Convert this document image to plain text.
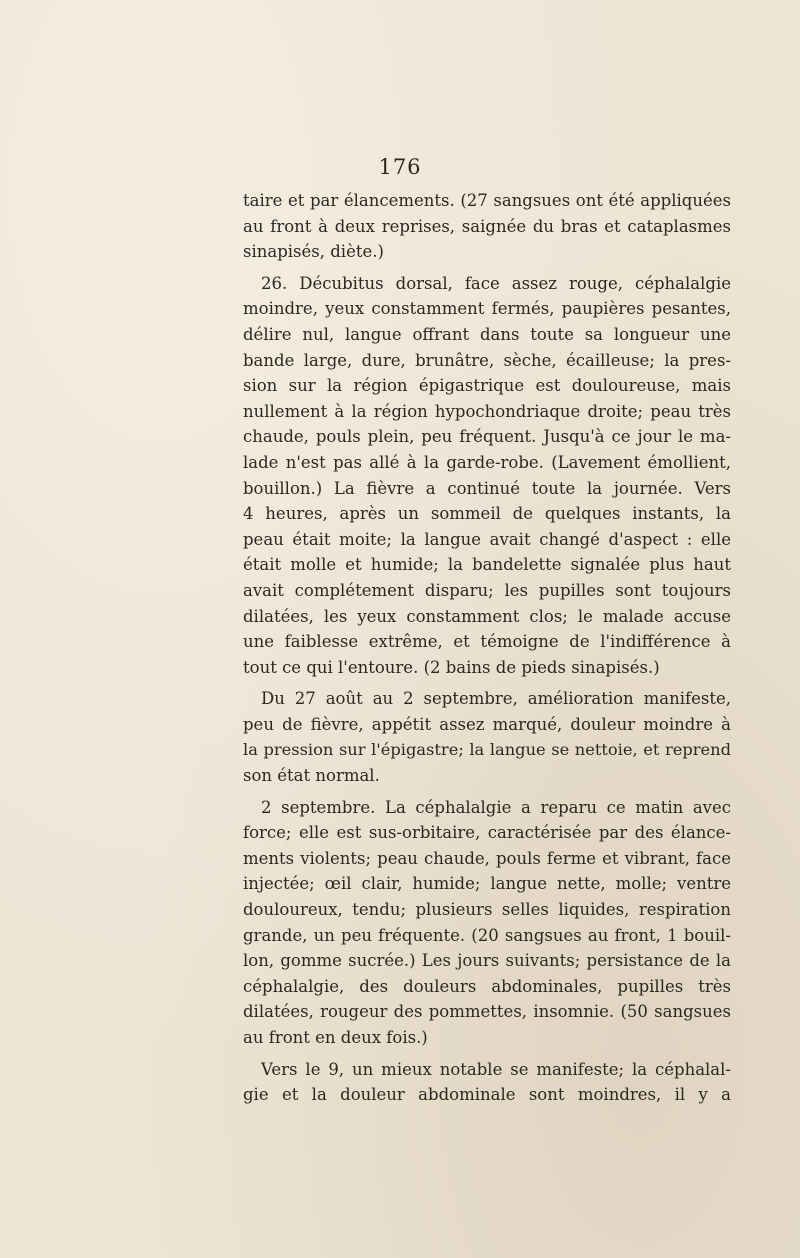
176
taire et par élancements. (27 sangsues ont été appliquées
au front à deux reprises, saignée du bras et cataplasmes
sinapisés, diète.)
26. Décubitus dorsal, face assez rouge, céphalalgie
moindre, yeux constamment fermés, paupières pesantes,
délire nul, langue offrant dans toute sa longueur une
bande large, dure, brunâtre, sèche, écailleuse; la pres-
sion sur la région épigastrique est douloureuse, mais
nullement à la région hypochondriaque droite; peau très
chaude, pouls plein, peu fréquent. Jusqu'à ce jour le ma-
lade n'est pas allé à la garde-robe. (Lavement émollient,
bouillon.) La fièvre a continué toute la journée. Vers
4 heures, après un sommeil de quelques instants, la
peau était moite; la langue avait changé d'aspect : elle
était molle et humide; la bandelette signalée plus haut
avait complétement disparu; les pupilles sont toujours
dilatées, les yeux constamment clos; le malade accuse
une faiblesse extrême, et témoigne de l'indifférence à
tout ce qui l'entoure. (2 bains de pieds sinapisés.)
Du 27 août au 2 septembre, amélioration manifeste,
peu de fièvre, appétit assez marqué, douleur moindre à
la pression sur l'épigastre; la langue se nettoie, et reprend
son état normal.
2 septembre. La céphalalgie a reparu ce matin avec
force; elle est sus-orbitaire, caractérisée par des élance-
ments violents; peau chaude, pouls ferme et vibrant, face
injectée; œil clair, humide; langue nette, molle; ventre
douloureux, tendu; plusieurs selles liquides, respiration
grande, un peu fréquente. (20 sangsues au front, 1 bouil-
lon, gomme sucrée.) Les jours suivants; persistance de la
céphalalgie, des douleurs abdominales, pupilles très
dilatées, rougeur des pommettes, insomnie. (50 sangsues
au front en deux fois.)
Vers le 9, un mieux notable se manifeste; la céphalal-
gie et la douleur abdominale sont moindres, il y a
